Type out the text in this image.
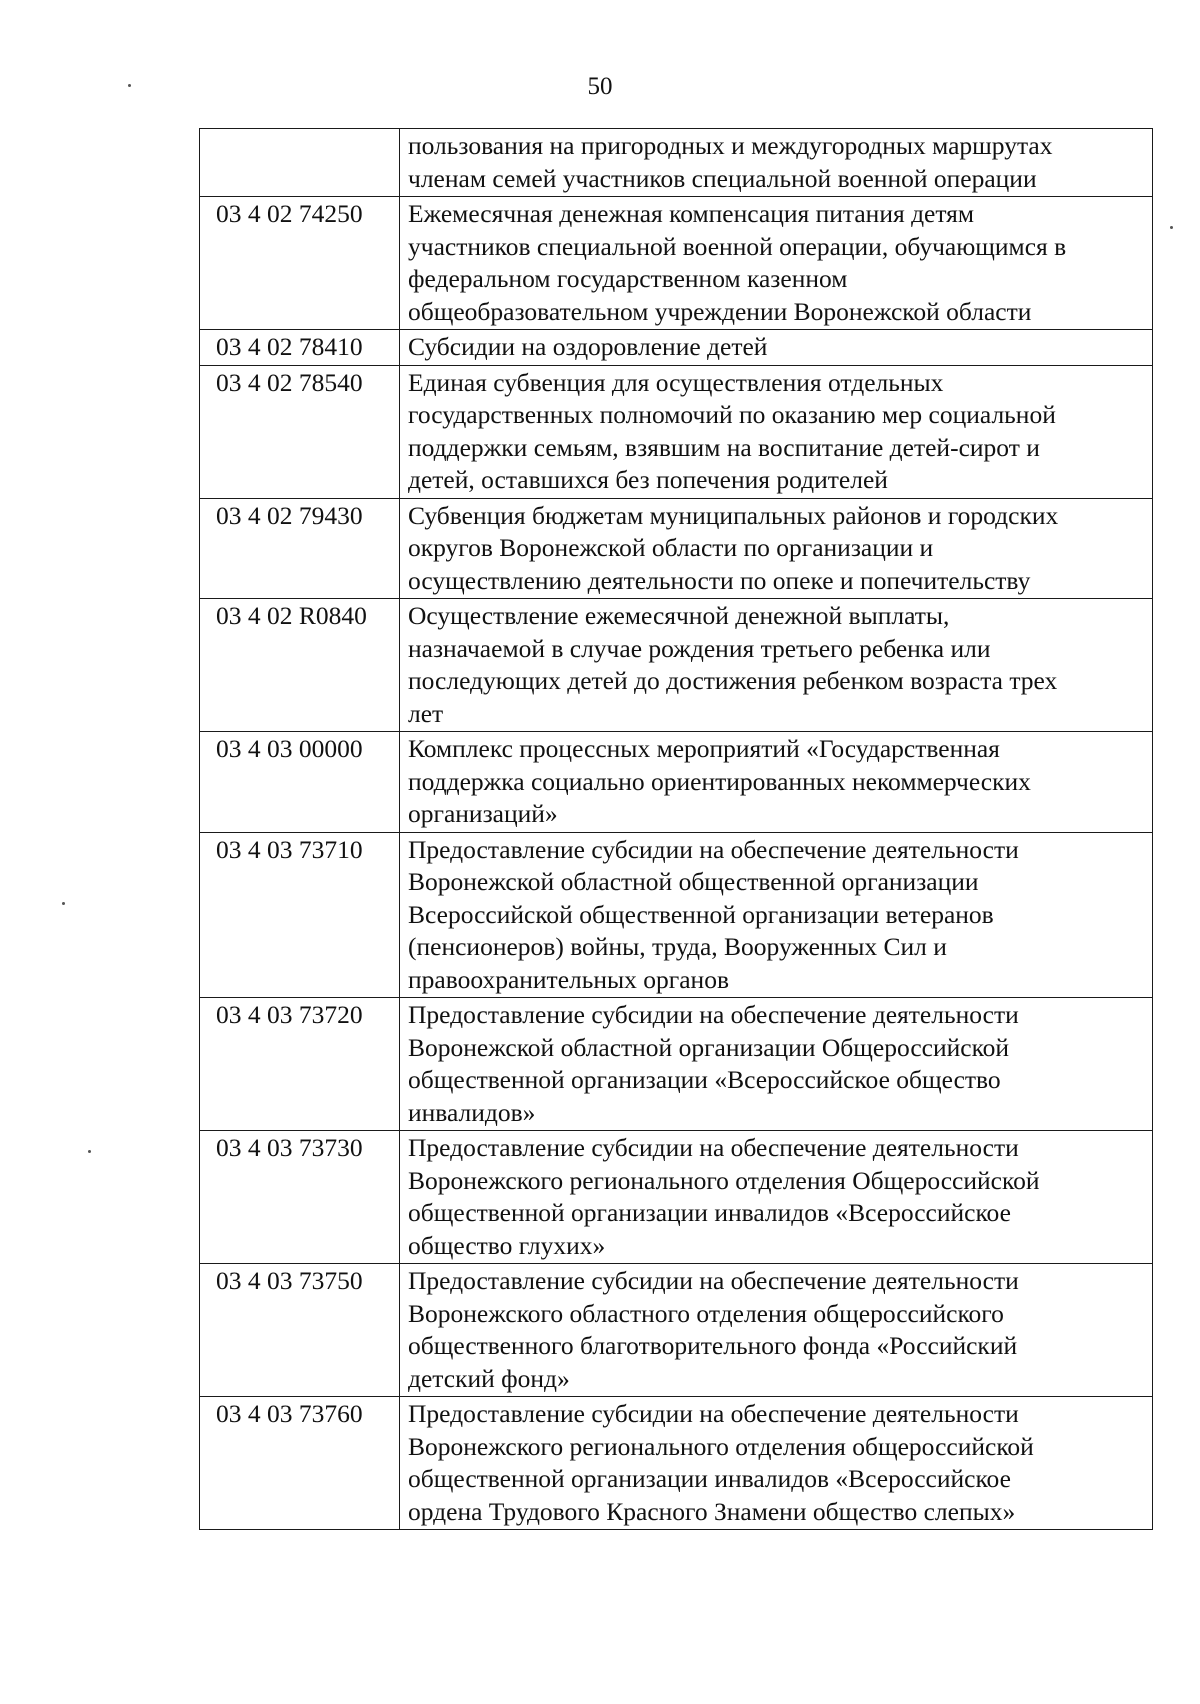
50
	пользования на пригородных и междугородных маршрутах
членам семей участников специальной военной операции
03 4 02 74250	Ежемесячная денежная компенсация питания детям
участников специальной военной операции, обучающимся в
федеральном государственном казенном
общеобразовательном учреждении Воронежской области
03 4 02 78410	Субсидии на оздоровление детей
03 4 02 78540	Единая субвенция для осуществления отдельных
государственных полномочий по оказанию мер социальной
поддержки семьям, взявшим на воспитание детей-сирот и
детей, оставшихся без попечения родителей
03 4 02 79430	Субвенция бюджетам муниципальных районов и городских
округов Воронежской области по организации и
осуществлению деятельности по опеке и попечительству
03 4 02 R0840	Осуществление ежемесячной денежной выплаты,
назначаемой в случае рождения третьего ребенка или
последующих детей до достижения ребенком возраста трех
лет
03 4 03 00000	Комплекс процессных мероприятий «Государственная
поддержка социально ориентированных некоммерческих
организаций»
03 4 03 73710	Предоставление субсидии на обеспечение деятельности
Воронежской областной общественной организации
Всероссийской общественной организации ветеранов
(пенсионеров) войны, труда, Вооруженных Сил и
правоохранительных органов
03 4 03 73720	Предоставление субсидии на обеспечение деятельности
Воронежской областной организации Общероссийской
общественной организации «Всероссийское общество
инвалидов»
03 4 03 73730	Предоставление субсидии на обеспечение деятельности
Воронежского регионального отделения Общероссийской
общественной организации инвалидов «Всероссийское
общество глухих»
03 4 03 73750	Предоставление субсидии на обеспечение деятельности
Воронежского областного отделения общероссийского
общественного благотворительного фонда «Российский
детский фонд»
03 4 03 73760	Предоставление субсидии на обеспечение деятельности
Воронежского регионального отделения общероссийской
общественной организации инвалидов «Всероссийское
ордена Трудового Красного Знамени общество слепых»
